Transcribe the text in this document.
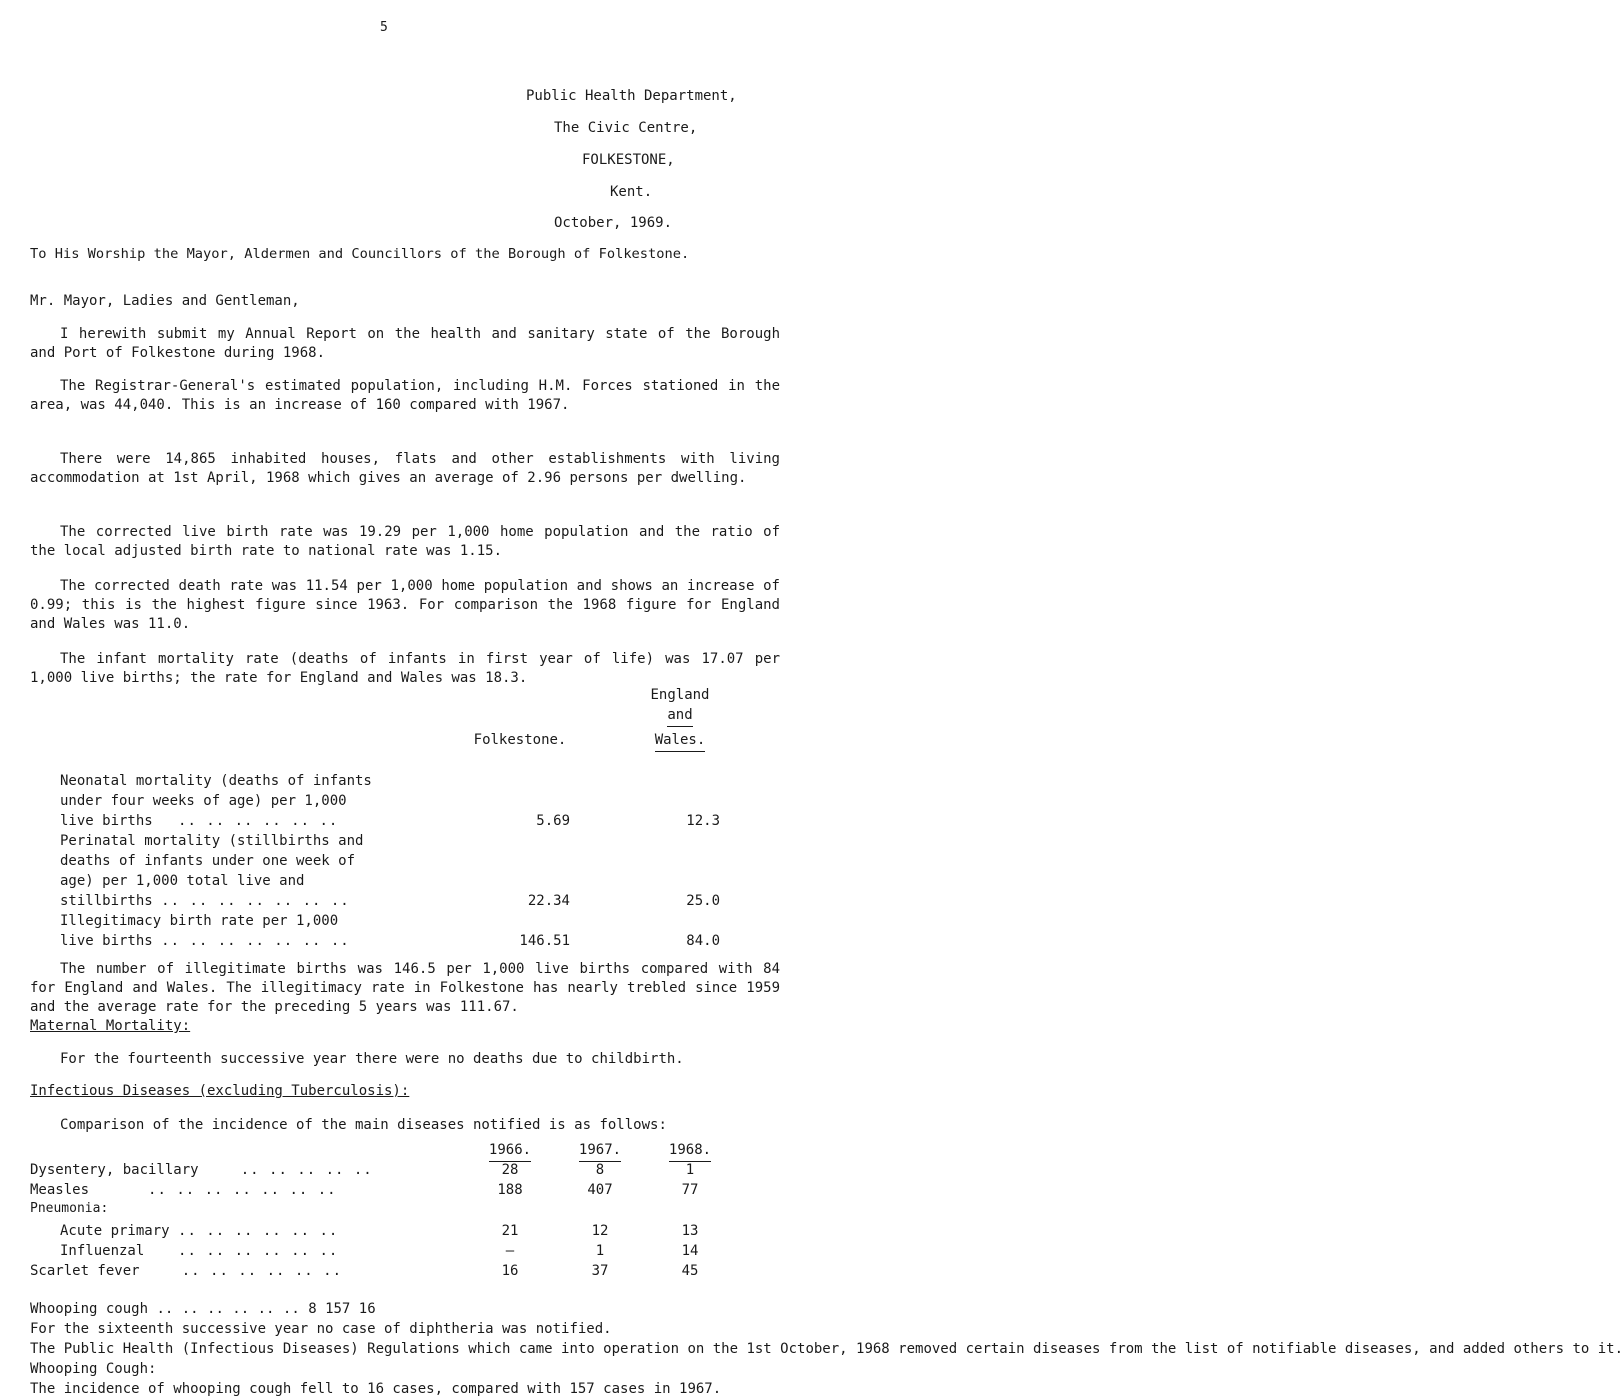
5
Public Health Department,
The Civic Centre,
FOLKESTONE,
Kent.
October, 1969.
To His Worship the Mayor, Aldermen and Councillors of the Borough of Folkestone.
Mr. Mayor, Ladies and Gentleman,
I herewith submit my Annual Report on the health and sanitary state of the Borough and Port of Folkestone during 1968.
The Registrar-General's estimated population, including H.M. Forces stationed in the area, was 44,040. This is an increase of 160 compared with 1967.
There were 14,865 inhabited houses, flats and other establishments with living accommodation at 1st April, 1968 which gives an average of 2.96 persons per dwelling.
The corrected live birth rate was 19.29 per 1,000 home population and the ratio of the local adjusted birth rate to national rate was 1.15.
The corrected death rate was 11.54 per 1,000 home population and shows an increase of 0.99; this is the highest figure since 1963. For comparison the 1968 figure for England and Wales was 11.0.
The infant mortality rate (deaths of infants in first year of life) was 17.07 per 1,000 live births; the rate for England and Wales was 18.3.
England
and
Folkestone.	Wales.
Neonatal mortality (deaths of infants
under four weeks of age) per 1,000
live births .. .. .. .. .. ..	5.69	12.3
Perinatal mortality (stillbirths and
deaths of infants under one week of
age) per 1,000 total live and
stillbirths .. .. .. .. .. .. ..	22.34	25.0
Illegitimacy birth rate per 1,000
live births .. .. .. .. .. .. ..	146.51	84.0
The number of illegitimate births was 146.5 per 1,000 live births compared with 84 for England and Wales. The illegitimacy rate in Folkestone has nearly trebled since 1959 and the average rate for the preceding 5 years was 111.67.
Maternal Mortality:
For the fourteenth successive year there were no deaths due to childbirth.
Infectious Diseases (excluding Tuberculosis):
Comparison of the incidence of the main diseases notified is as follows:
1966.	1967.	1968.
Dysentery, bacillary	.. .. .. .. ..	28	8	1
Measles	.. .. .. .. .. .. ..	188	407	77
Pneumonia:
Acute primary .. .. .. .. .. ..	21	12	13
Influenzal .. .. .. .. .. ..	–	1	14
Scarlet fever	.. .. .. .. .. ..	16	37	45
Whooping cough .. .. .. .. .. .. 8 157 16
For the sixteenth successive year no case of diphtheria was notified.
The Public Health (Infectious Diseases) Regulations which came into operation on the 1st October, 1968 removed certain diseases from the list of notifiable diseases, and added others to it.
Whooping Cough:
The incidence of whooping cough fell to 16 cases, compared with 157 cases in 1967.
